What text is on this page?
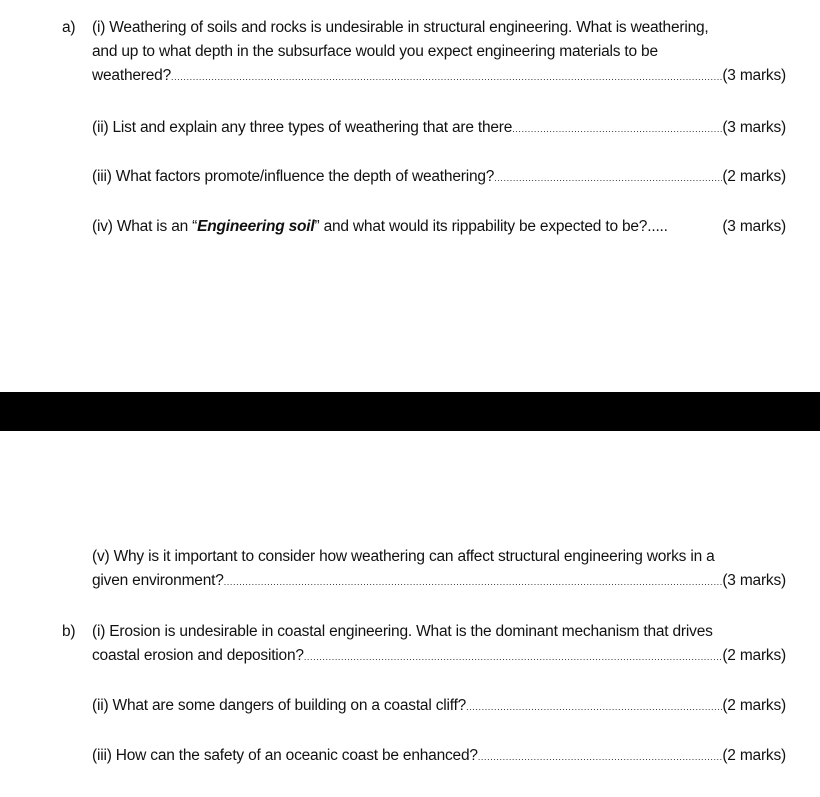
a) (i) Weathering of soils and rocks is undesirable in structural engineering. What is weathering,
and up to what depth in the subsurface would you expect engineering materials to be
weathered? .....	(3 marks)
(ii) List and explain any three types of weathering that are there .....	(3 marks)
(iii) What factors promote/influence the depth of weathering? .....	(2 marks)
(iv) What is an “Engineering soil” and what would its rippability be expected to be?.....	(3 marks)
(v) Why is it important to consider how weathering can affect structural engineering works in a
given environment? .....	(3 marks)
b) (i) Erosion is undesirable in coastal engineering. What is the dominant mechanism that drives
coastal erosion and deposition? .....	(2 marks)
(ii) What are some dangers of building on a coastal cliff? .....	(2 marks)
(iii) How can the safety of an oceanic coast be enhanced? .....	(2 marks)
